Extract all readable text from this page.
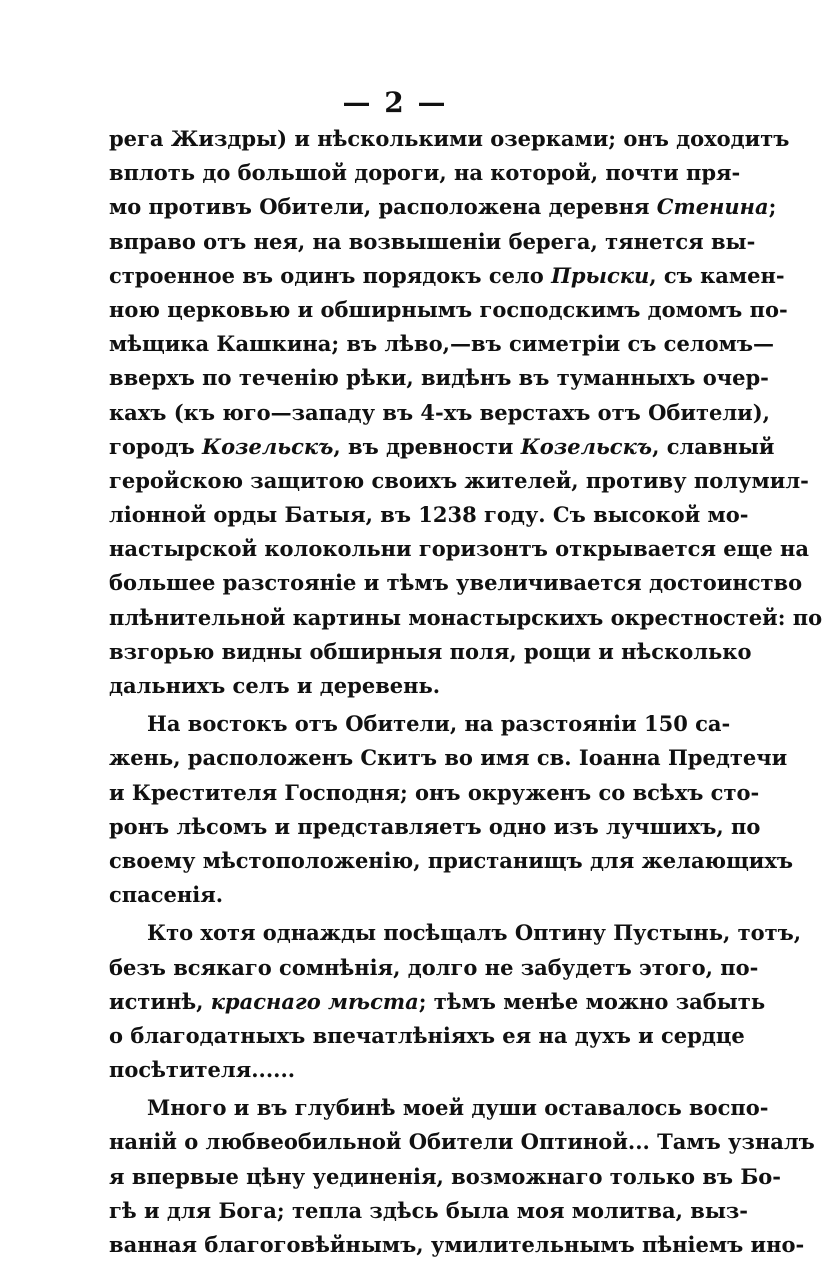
— 2 —
рега Жиздры) и нѣсколькими озерками; онъ доходитъ
вплоть до большой дороги, на которой, почти пря-
мо противъ Обители, расположена деревня Стенина;
вправо отъ нея, на возвышеніи берега, тянется вы-
строенное въ одинъ порядокъ село Прыски, съ камен-
ною церковью и обширнымъ господскимъ домомъ по-
мѣщика Кашкина; въ лѣво,—въ симетріи съ селомъ—
вверхъ по теченію рѣки, видѣнъ въ туманныхъ очер-
кахъ (къ юго—западу въ 4-хъ верстахъ отъ Обители),
городъ Козельскъ, въ древности Козельскъ, славный
геройскою защитою своихъ жителей, противу полумил-
ліонной орды Батыя, въ 1238 году. Съ высокой мо-
настырской колокольни горизонтъ открывается еще на
большее разстояніе и тѣмъ увеличивается достоинство
плѣнительной картины монастырскихъ окрестностей: по
взгорью видны обширныя поля, рощи и нѣсколько
дальнихъ селъ и деревень.
На востокъ отъ Обители, на разстояніи 150 са-
жень, расположенъ Скитъ во имя св. Іоанна Предтечи
и Крестителя Господня; онъ окруженъ со всѣхъ сто-
ронъ лѣсомъ и представляетъ одно изъ лучшихъ, по
своему мѣстоположенію, пристанищъ для желающихъ
спасенія.
Кто хотя однажды посѣщалъ Оптину Пустынь, тотъ,
безъ всякаго сомнѣнія, долго не забудетъ этого, по-
истинѣ, краснаго мѣста; тѣмъ менѣе можно забыть
о благодатныхъ впечатлѣніяхъ ея на духъ и сердце
посѣтителя......
Много и въ глубинѣ моей души оставалось воспо-
наній о любвеобильной Обители Оптиной... Тамъ узналъ
я впервые цѣну уединенія, возможнаго только въ Бо-
гѣ и для Бога; тепла здѣсь была моя молитва, выз-
ванная благоговѣйнымъ, умилительнымъ пѣніемъ ино-
